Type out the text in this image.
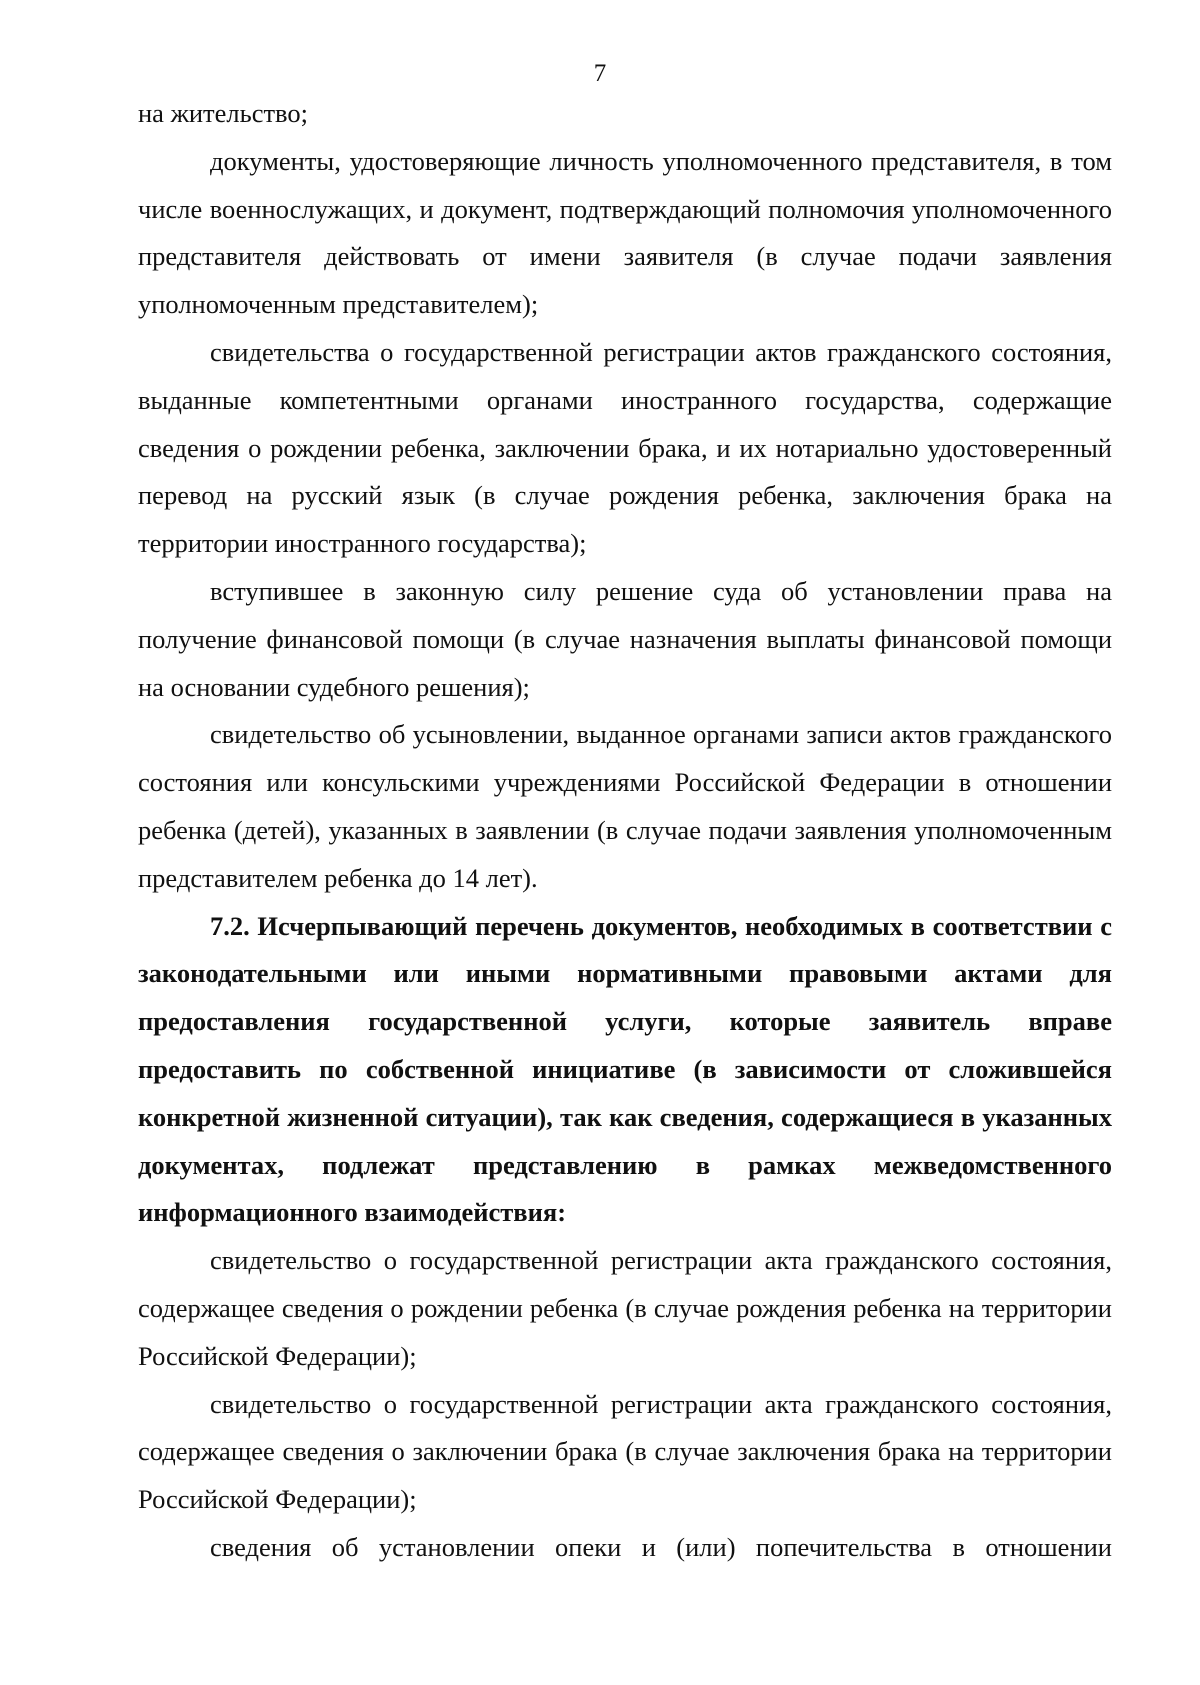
7

на жительство;

документы, удостоверяющие личность уполномоченного представителя, в том числе военнослужащих, и документ, подтверждающий полномочия уполномоченного представителя действовать от имени заявителя (в случае подачи заявления уполномоченным представителем);

свидетельства о государственной регистрации актов гражданского состояния, выданные компетентными органами иностранного государства, содержащие сведения о рождении ребенка, заключении брака, и их нотариально удостоверенный перевод на русский язык (в случае рождения ребенка, заключения брака на территории иностранного государства);

вступившее в законную силу решение суда об установлении права на получение финансовой помощи (в случае назначения выплаты финансовой помощи на основании судебного решения);

свидетельство об усыновлении, выданное органами записи актов гражданского состояния или консульскими учреждениями Российской Федерации в отношении ребенка (детей), указанных в заявлении (в случае подачи заявления уполномоченным представителем ребенка до 14 лет).

7.2. Исчерпывающий перечень документов, необходимых в соответствии с законодательными или иными нормативными правовыми актами для предоставления государственной услуги, которые заявитель вправе предоставить по собственной инициативе (в зависимости от сложившейся конкретной жизненной ситуации), так как сведения, содержащиеся в указанных документах, подлежат представлению в рамках межведомственного информационного взаимодействия:

свидетельство о государственной регистрации акта гражданского состояния, содержащее сведения о рождении ребенка (в случае рождения ребенка на территории Российской Федерации);

свидетельство о государственной регистрации акта гражданского состояния, содержащее сведения о заключении брака (в случае заключения брака на территории Российской Федерации);

сведения об установлении опеки и (или) попечительства в отношении
